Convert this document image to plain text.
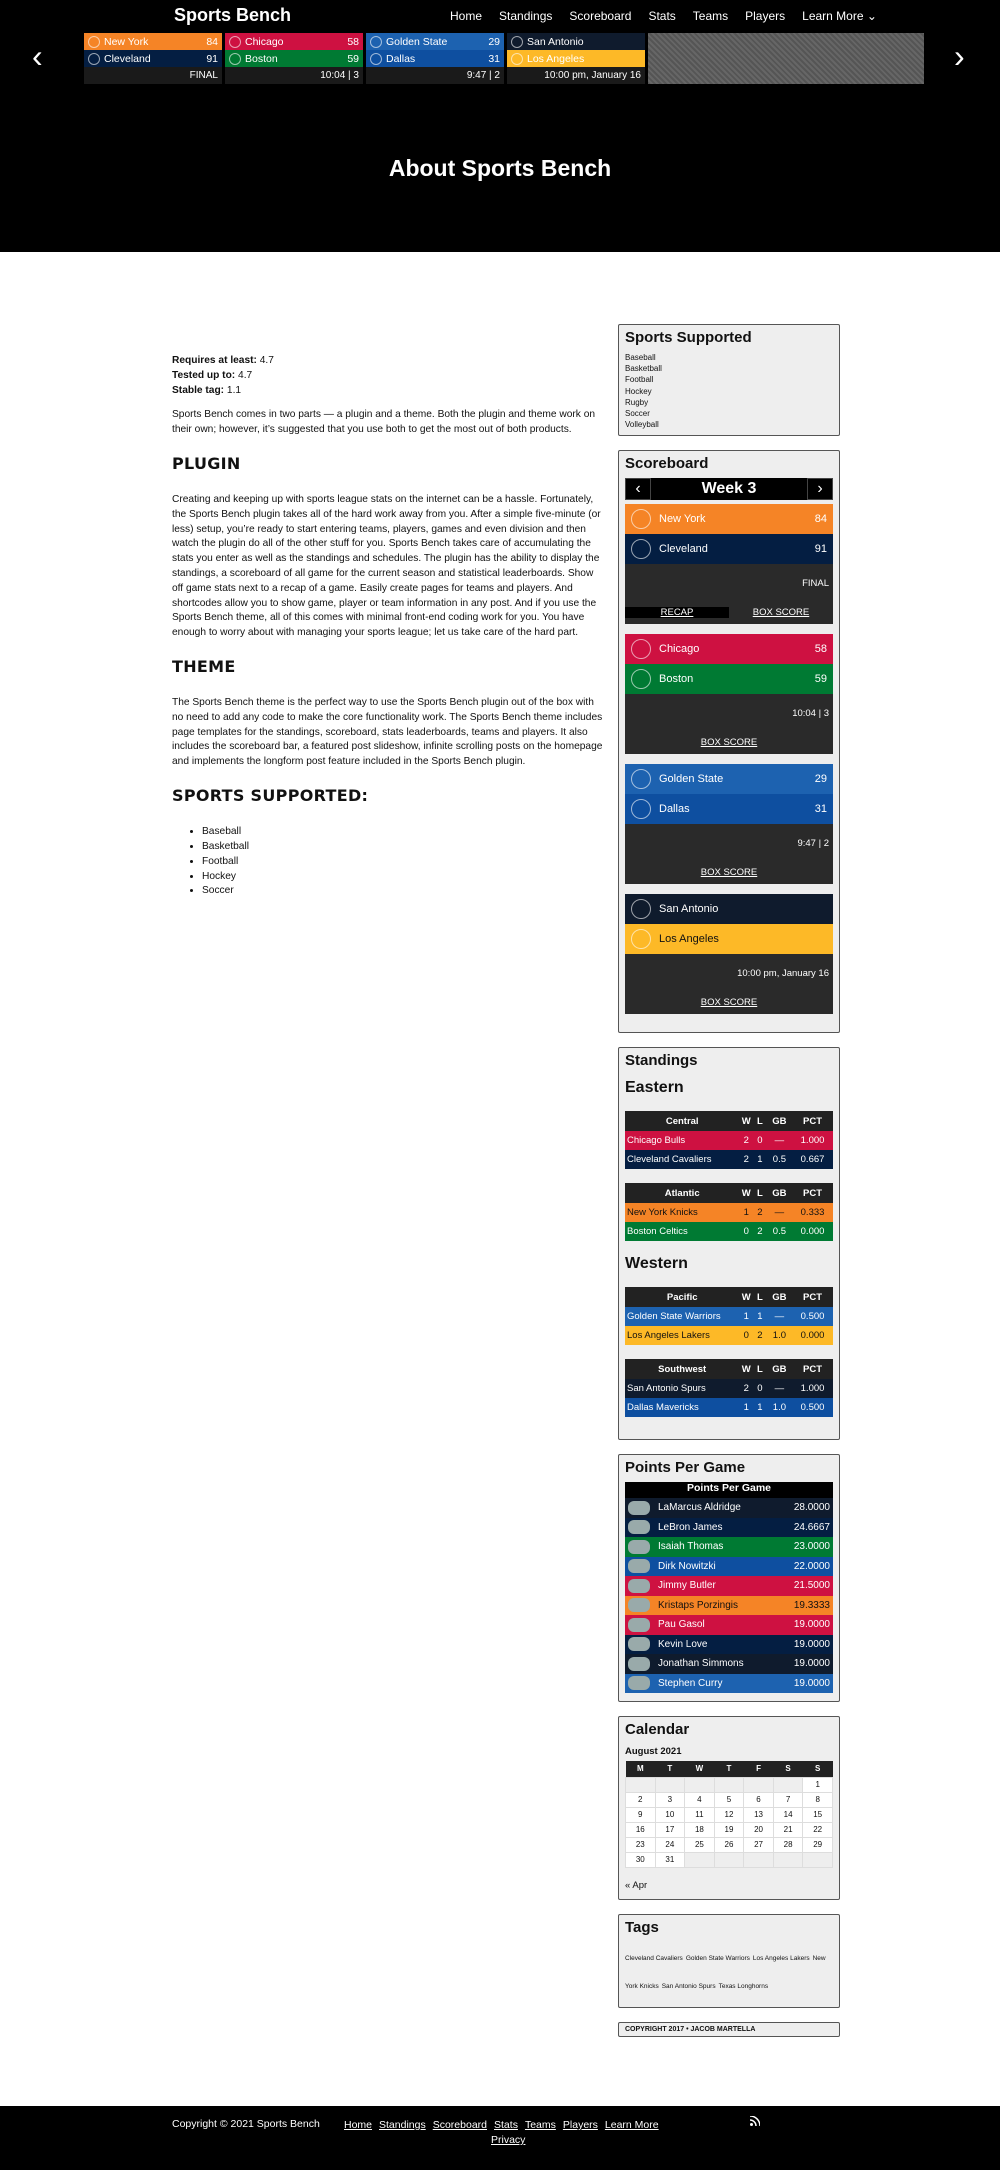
Sports Bench	Home Standings Scoreboard Stats Teams Players Learn More ⌄
‹	›
New York	84
Cleveland	91
FINAL
Chicago	58
Boston	59
10:04 | 3
Golden State	29
Dallas	31
9:47 | 2
San Antonio
Los Angeles
10:00 pm, January 16
About Sports Bench

Requires at least: 4.7
Tested up to: 4.7
Stable tag: 1.1

Sports Bench comes in two parts — a plugin and a theme. Both the plugin and theme work on their own; however, it’s suggested that you use both to get the most out of both products.

PLUGIN

Creating and keeping up with sports league stats on the internet can be a hassle. Fortunately, the Sports Bench plugin takes all of the hard work away from you. After a simple five-minute (or less) setup, you’re ready to start entering teams, players, games and even division and then watch the plugin do all of the other stuff for you. Sports Bench takes care of accumulating the stats you enter as well as the standings and schedules. The plugin has the ability to display the standings, a scoreboard of all game for the current season and statistical leaderboards. Show off game stats next to a recap of a game. Easily create pages for teams and players. And shortcodes allow you to show game, player or team information in any post. And if you use the Sports Bench theme, all of this comes with minimal front-end coding work for you. You have enough to worry about with managing your sports league; let us take care of the hard part.

THEME

The Sports Bench theme is the perfect way to use the Sports Bench plugin out of the box with no need to add any code to make the core functionality work. The Sports Bench theme includes page templates for the standings, scoreboard, stats leaderboards, teams and players. It also includes the scoreboard bar, a featured post slideshow, infinite scrolling posts on the homepage and implements the longform post feature included in the Sports Bench plugin.

SPORTS SUPPORTED:
• Baseball
• Basketball
• Football
• Hockey
• Soccer
Sports Supported
Baseball
Basketball
Football
Hockey
Rugby
Soccer
Volleyball
Scoreboard
‹	Week 3	›
New York	84
Cleveland	91
FINAL
RECAP	BOX SCORE
Chicago	58
Boston	59
10:04 | 3
BOX SCORE
Golden State	29
Dallas	31
9:47 | 2
BOX SCORE
San Antonio
Los Angeles
10:00 pm, January 16
BOX SCORE
Standings
Eastern
Central	W	L	GB	PCT
Chicago Bulls	2	0	—	1.000
Cleveland Cavaliers	2	1	0.5	0.667
Atlantic	W	L	GB	PCT
New York Knicks	1	2	—	0.333
Boston Celtics	0	2	0.5	0.000
Western
Pacific	W	L	GB	PCT
Golden State Warriors	1	1	—	0.500
Los Angeles Lakers	0	2	1.0	0.000
Southwest	W	L	GB	PCT
San Antonio Spurs	2	0	—	1.000
Dallas Mavericks	1	1	1.0	0.500
Points Per Game
Points Per Game
LaMarcus Aldridge	28.0000
LeBron James	24.6667
Isaiah Thomas	23.0000
Dirk Nowitzki	22.0000
Jimmy Butler	21.5000
Kristaps Porzingis	19.3333
Pau Gasol	19.0000
Kevin Love	19.0000
Jonathan Simmons	19.0000
Stephen Curry	19.0000
Calendar
August 2021
M	T	W	T	F	S	S
						1
2	3	4	5	6	7	8
9	10	11	12	13	14	15
16	17	18	19	20	21	22
23	24	25	26	27	28	29
30	31					
« Apr
Tags
Cleveland Cavaliers Golden State Warriors Los Angeles Lakers New York Knicks San Antonio Spurs Texas Longhorns
COPYRIGHT 2017 • JACOB MARTELLA
Copyright © 2021 Sports Bench Home Standings Scoreboard Stats Teams Players Learn More
Privacy
